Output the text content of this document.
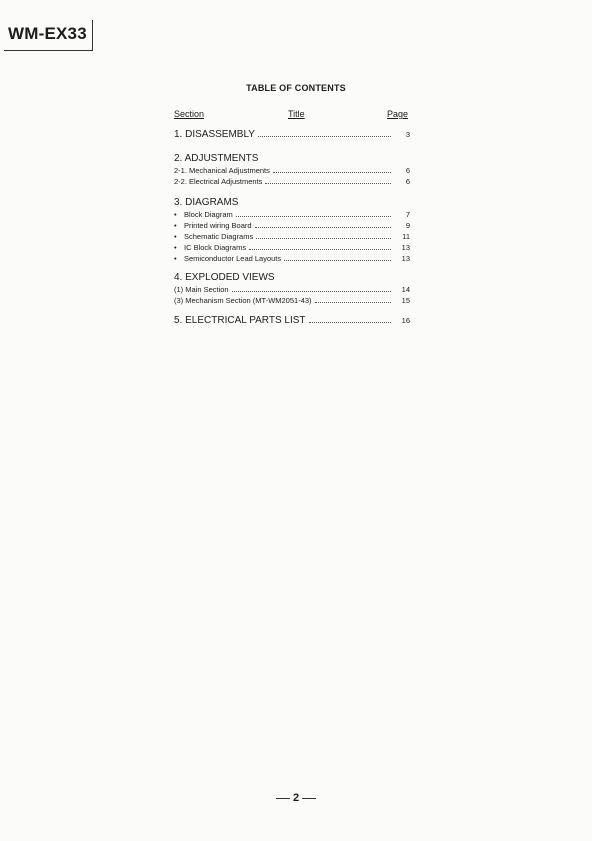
WM-EX33
TABLE OF CONTENTS
Section	Title	Page
1. DISASSEMBLY	3
2. ADJUSTMENTS
2-1. Mechanical Adjustments	6
2-2. Electrical Adjustments	6
3. DIAGRAMS
• Block Diagram	7
• Printed wiring Board	9
• Schematic Diagrams	11
• IC Block Diagrams	13
• Semiconductor Lead Layouts	13
4. EXPLODED VIEWS
(1) Main Section	14
(3) Mechanism Section (MT-WM2051-43)	15
5. ELECTRICAL PARTS LIST	16
2
